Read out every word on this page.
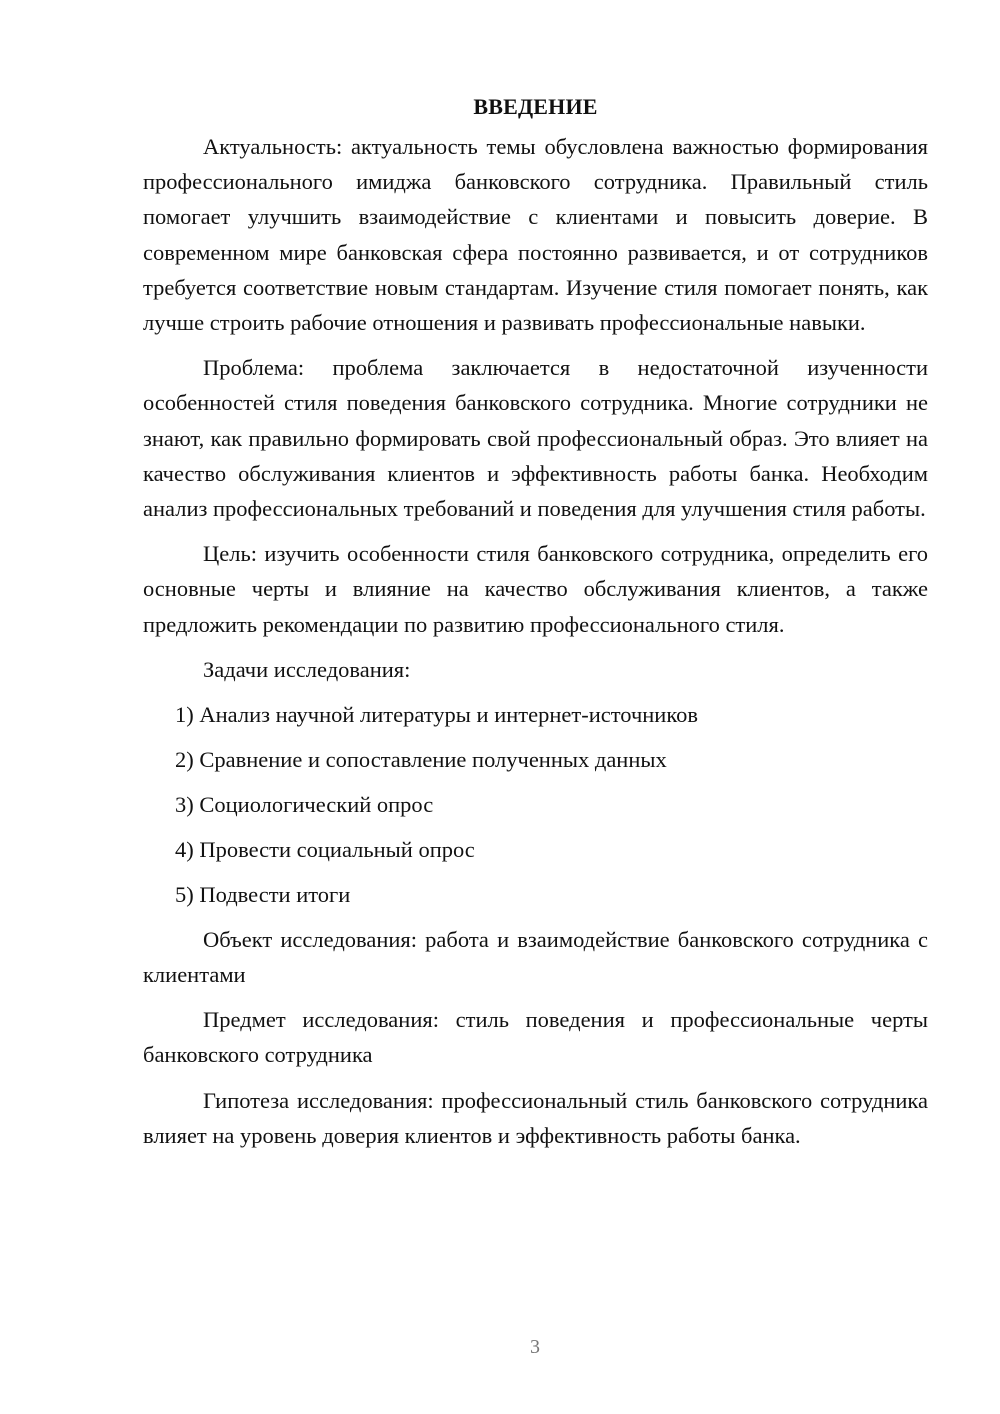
ВВЕДЕНИЕ

Актуальность: актуальность темы обусловлена важностью формирования профессионального имиджа банковского сотрудника. Правильный стиль помогает улучшить взаимодействие с клиентами и повысить доверие. В современном мире банковская сфера постоянно развивается, и от сотрудников требуется соответствие новым стандартам. Изучение стиля помогает понять, как лучше строить рабочие отношения и развивать профессиональные навыки.

Проблема: проблема заключается в недостаточной изученности особенностей стиля поведения банковского сотрудника. Многие сотрудники не знают, как правильно формировать свой профессиональный образ. Это влияет на качество обслуживания клиентов и эффективность работы банка. Необходим анализ профессиональных требований и поведения для улучшения стиля работы.

Цель: изучить особенности стиля банковского сотрудника, определить его основные черты и влияние на качество обслуживания клиентов, а также предложить рекомендации по развитию профессионального стиля.

Задачи исследования:

1) Анализ научной литературы и интернет-источников
2) Сравнение и сопоставление полученных данных
3) Социологический опрос
4) Провести социальный опрос
5) Подвести итоги

Объект исследования: работа и взаимодействие банковского сотрудника с клиентами

Предмет исследования: стиль поведения и профессиональные черты банковского сотрудника

Гипотеза исследования: профессиональный стиль банковского сотрудника влияет на уровень доверия клиентов и эффективность работы банка.

3
